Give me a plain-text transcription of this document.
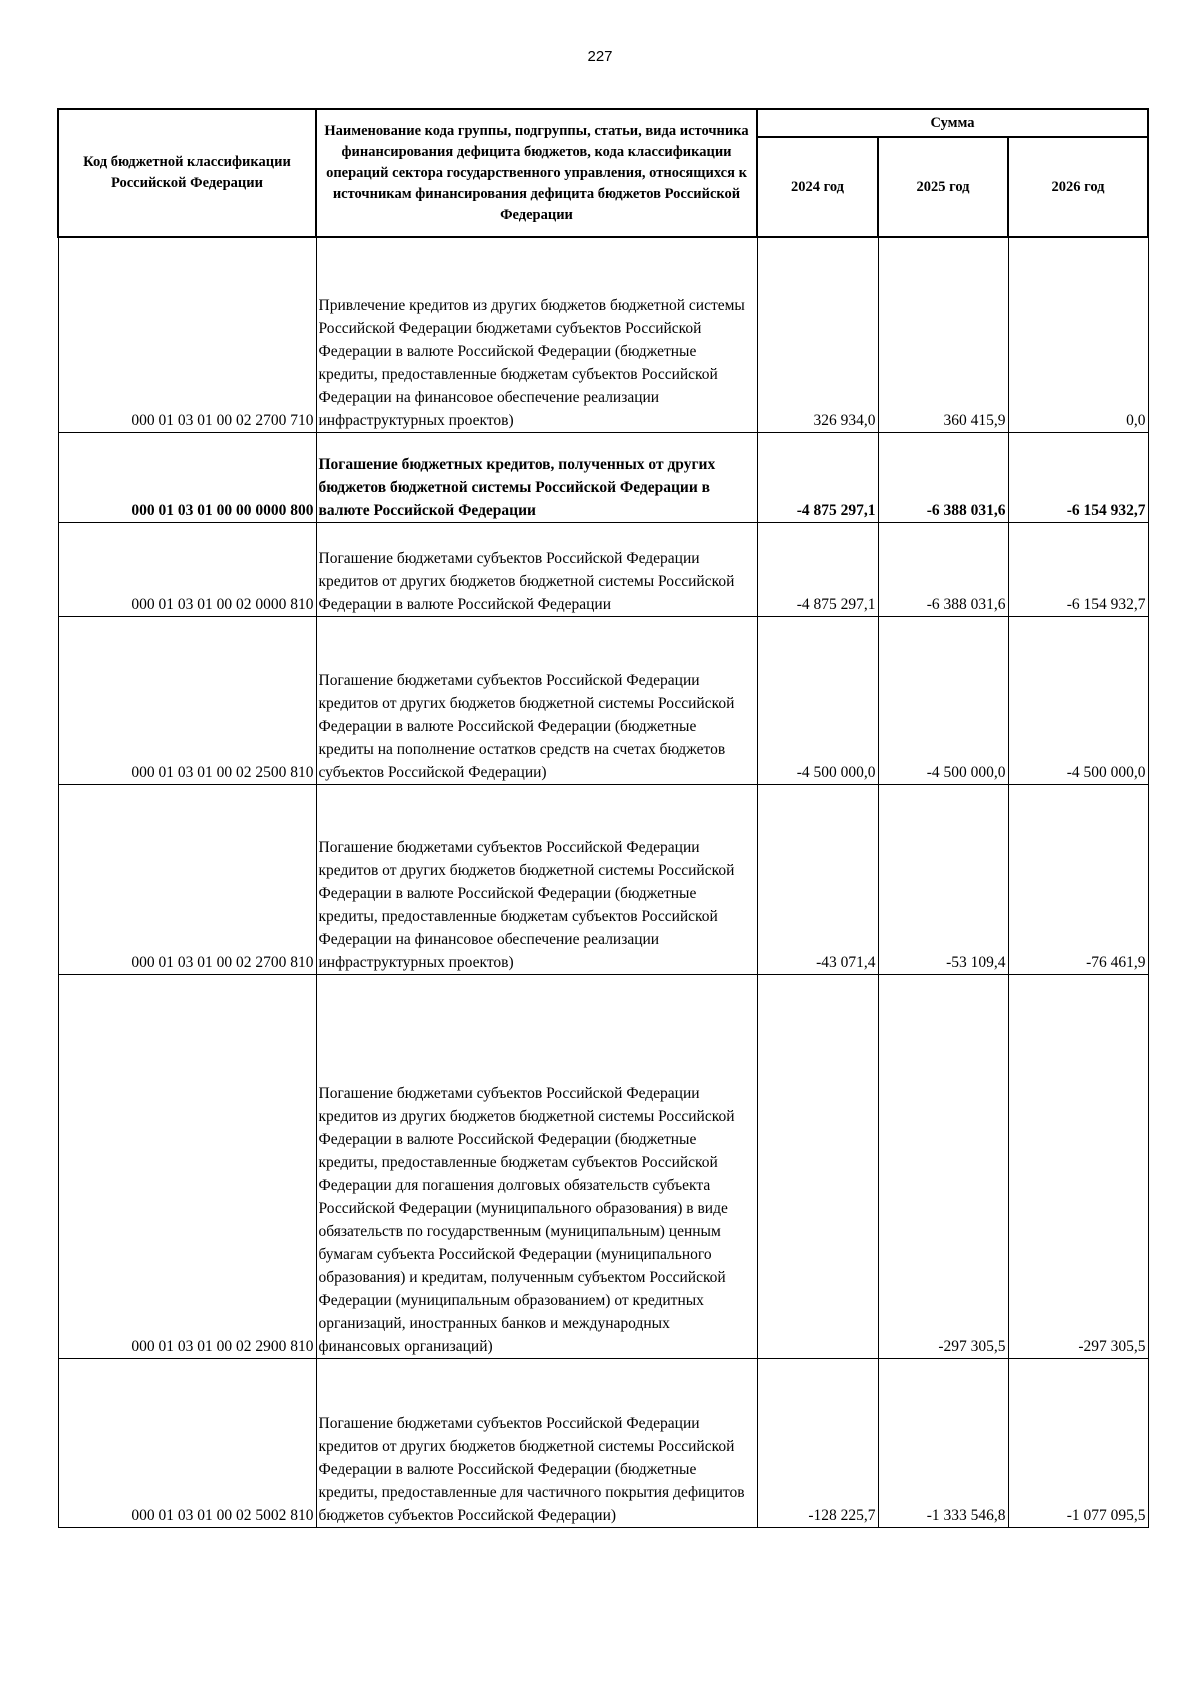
227
Код бюджетной классификации Российской Федерации	Наименование кода группы, подгруппы, статьи, вида источника финансирования дефицита бюджетов, кода классификации операций сектора государственного управления, относящихся к источникам финансирования дефицита бюджетов Российской Федерации	Сумма		
		2024 год	2025 год	2026 год
000 01 03 01 00 02 2700 710	Привлечение кредитов из других бюджетов бюджетной системы Российской Федерации бюджетами субъектов Российской Федерации в валюте Российской Федерации (бюджетные кредиты, предоставленные бюджетам субъектов Российской Федерации на финансовое обеспечение реализации инфраструктурных проектов)	326 934,0	360 415,9	0,0
000 01 03 01 00 00 0000 800	Погашение бюджетных кредитов, полученных от других бюджетов бюджетной системы Российской Федерации в валюте Российской Федерации	-4 875 297,1	-6 388 031,6	-6 154 932,7
000 01 03 01 00 02 0000 810	Погашение бюджетами субъектов Российской Федерации кредитов от других бюджетов бюджетной системы Российской Федерации в валюте Российской Федерации	-4 875 297,1	-6 388 031,6	-6 154 932,7
000 01 03 01 00 02 2500 810	Погашение бюджетами субъектов Российской Федерации кредитов от других бюджетов бюджетной системы Российской Федерации в валюте Российской Федерации (бюджетные кредиты на пополнение остатков средств на счетах бюджетов субъектов Российской Федерации)	-4 500 000,0	-4 500 000,0	-4 500 000,0
000 01 03 01 00 02 2700 810	Погашение бюджетами субъектов Российской Федерации кредитов от других бюджетов бюджетной системы Российской Федерации в валюте Российской Федерации (бюджетные кредиты, предоставленные бюджетам субъектов Российской Федерации на финансовое обеспечение реализации инфраструктурных проектов)	-43 071,4	-53 109,4	-76 461,9
000 01 03 01 00 02 2900 810	Погашение бюджетами субъектов Российской Федерации кредитов из других бюджетов бюджетной системы Российской Федерации в валюте Российской Федерации (бюджетные кредиты, предоставленные бюджетам субъектов Российской Федерации для погашения долговых обязательств субъекта Российской Федерации (муниципального образования) в виде обязательств по государственным (муниципальным) ценным бумагам субъекта Российской Федерации (муниципального образования) и кредитам, полученным субъектом Российской Федерации (муниципальным образованием) от кредитных организаций, иностранных банков и международных финансовых организаций)		-297 305,5	-297 305,5
000 01 03 01 00 02 5002 810	Погашение бюджетами субъектов Российской Федерации кредитов от других бюджетов бюджетной системы Российской Федерации в валюте Российской Федерации (бюджетные кредиты, предоставленные для частичного покрытия дефицитов бюджетов субъектов Российской Федерации)	-128 225,7	-1 333 546,8	-1 077 095,5
